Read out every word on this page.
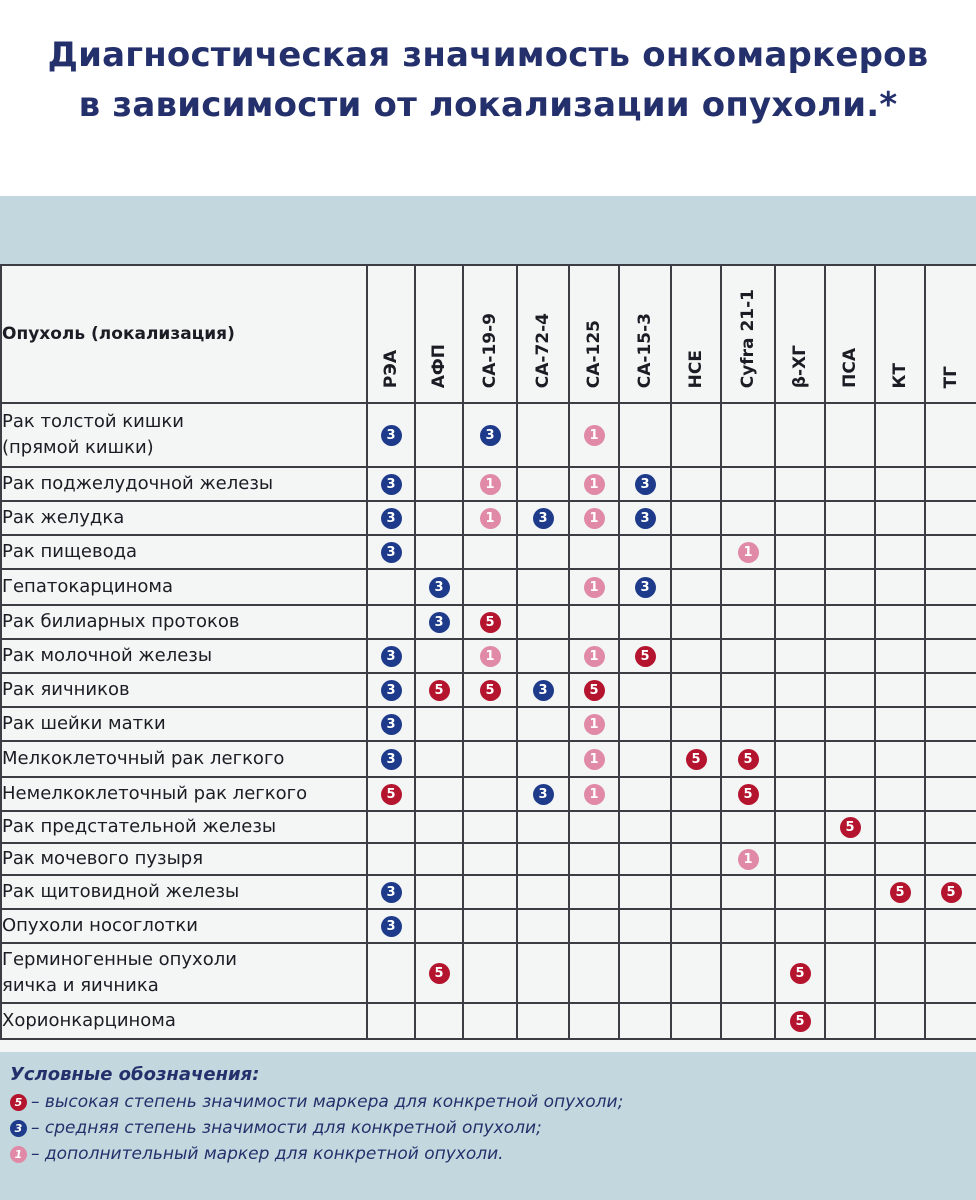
Диагностическая значимость онкомаркеров
в зависимости от локализации опухоли.*
Опухоль (локализация)	РЭА	АФП	СА-19-9	СА-72-4	СА-125	СА-15-3	НСЕ	Cyfra 21-1	β-ХГ	ПСА	КТ	ТГ
Рак толстой кишки
(прямой кишки)	3		3		1							
Рак поджелудочной железы	3		1		1	3						
Рак желудка	3		1	3	1	3						
Рак пищевода	3							1				
Гепатокарцинома		3			1	3						
Рак билиарных протоков		3	5									
Рак молочной железы	3		1		1	5						
Рак яичников	3	5	5	3	5							
Рак шейки матки	3				1							
Мелкоклеточный рак легкого	3				1		5	5				
Немелкоклеточный рак легкого	5			3	1			5				
Рак предстательной железы										5		
Рак мочевого пузыря								1				
Рак щитовидной железы	3										5	5
Опухоли носоглотки	3											
Герминогенные опухоли
яичка и яичника		5							5			
Хорионкарцинома									5			
Условные обозначения:
5 – высокая степень значимости маркера для конкретной опухоли;
3 – средняя степень значимости для конкретной опухоли;
1 – дополнительный маркер для конкретной опухоли.
